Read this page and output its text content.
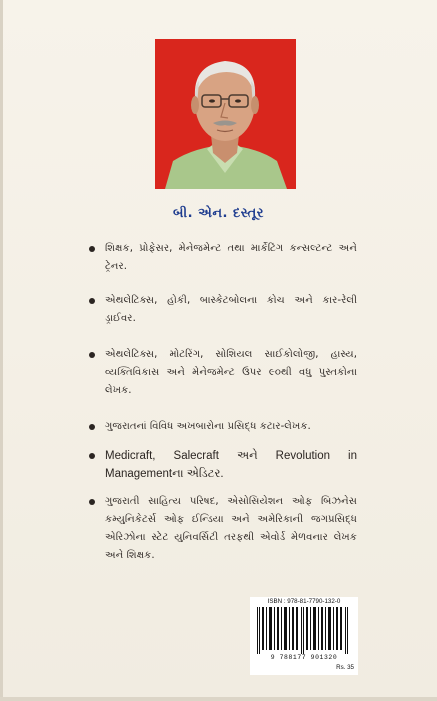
બી. એન. દસ્તૂર
શિક્ષક, પ્રોફેસર, મેનેજમેન્ટ તથા માર્કેટિંગ કન્સલ્ટન્ટ અને ટ્રેનર.
એથલેટિક્સ, હોકી, બાસ્કેટબોલના કોચ અને કાર-રેલી ડ્રાઈવર.
એથલેટિક્સ, મોટરિંગ, સોશિયલ સાઈકોલોજી, હાસ્ય, વ્યક્તિવિકાસ અને મેનેજમેન્ટ ઉપર ૯૦થી વધુ પુસ્તકોના લેખક.
ગુજરાતનાં વિવિધ અખબારોના પ્રસિદ્ધ કટાર-લેખક.
Medicraft, Salecraft અને Revolution in Managementના એડિટર.
ગુજરાતી સાહિત્ય પરિષદ, એસોસિયેશન ઓફ બિઝનેસ કમ્યુનિકેટર્સ ઓફ ઈન્ડિયા અને અમેરિકાની જગપ્રસિદ્ધ એરિઝોના સ્ટેટ યુનિવર્સિટી તરફથી એવોર્ડ મેળવનાર લેખક અને શિક્ષક.
ISBN : 978-81-7790-132-0
9 788177 901320
Rs. 35
